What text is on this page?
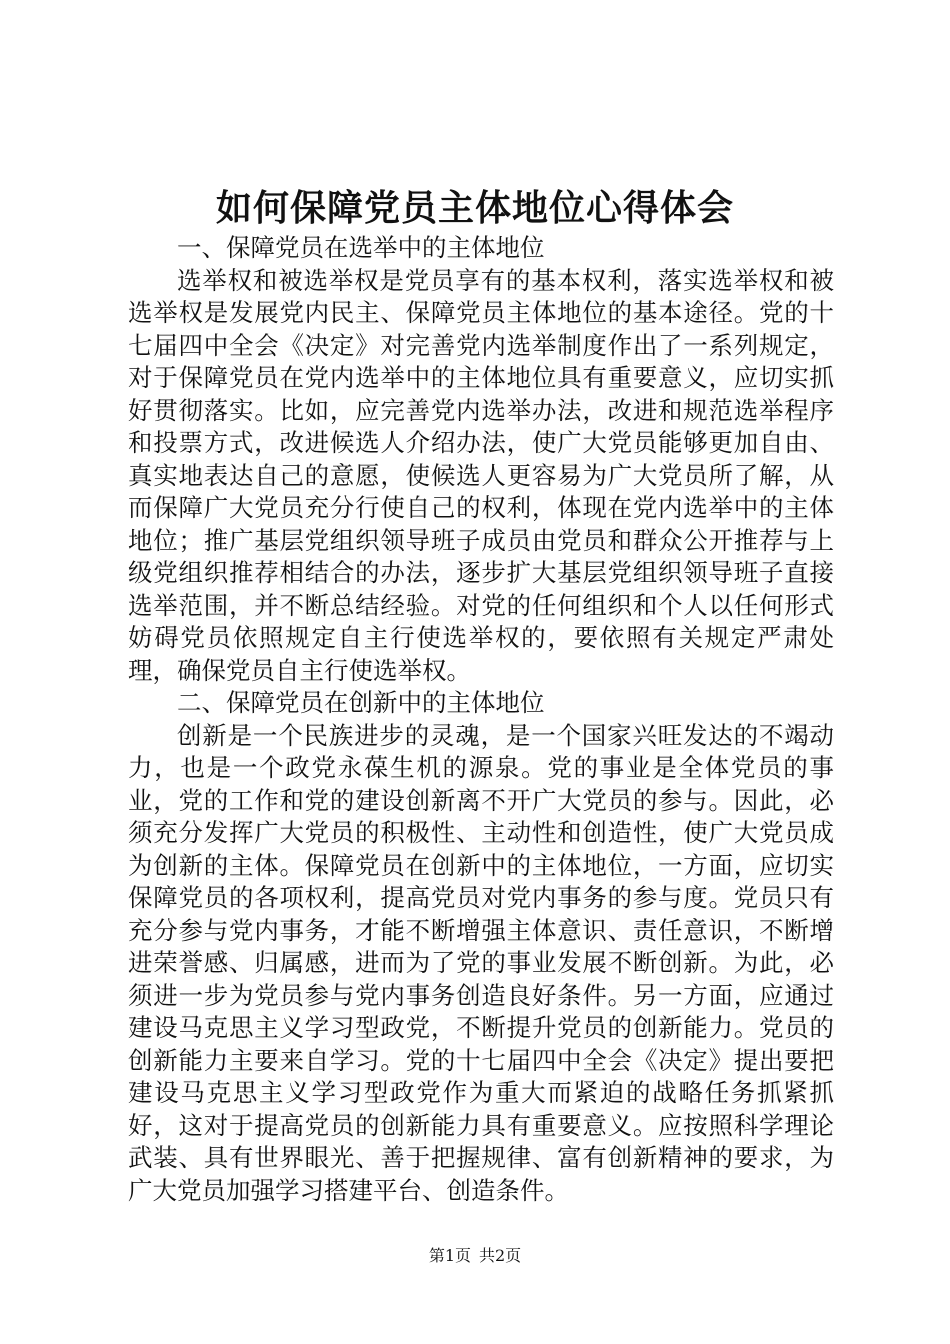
如何保障党员主体地位心得体会

一、保障党员在选举中的主体地位

选举权和被选举权是党员享有的基本权利，落实选举权和被选举权是发展党内民主、保障党员主体地位的基本途径。党的十七届四中全会《决定》对完善党内选举制度作出了一系列规定，对于保障党员在党内选举中的主体地位具有重要意义，应切实抓好贯彻落实。比如，应完善党内选举办法，改进和规范选举程序和投票方式，改进候选人介绍办法，使广大党员能够更加自由、真实地表达自己的意愿，使候选人更容易为广大党员所了解，从而保障广大党员充分行使自己的权利，体现在党内选举中的主体地位；推广基层党组织领导班子成员由党员和群众公开推荐与上级党组织推荐相结合的办法，逐步扩大基层党组织领导班子直接选举范围，并不断总结经验。对党的任何组织和个人以任何形式妨碍党员依照规定自主行使选举权的，要依照有关规定严肃处理，确保党员自主行使选举权。

二、保障党员在创新中的主体地位

创新是一个民族进步的灵魂，是一个国家兴旺发达的不竭动力，也是一个政党永葆生机的源泉。党的事业是全体党员的事业，党的工作和党的建设创新离不开广大党员的参与。因此，必须充分发挥广大党员的积极性、主动性和创造性，使广大党员成为创新的主体。保障党员在创新中的主体地位，一方面，应切实保障党员的各项权利，提高党员对党内事务的参与度。党员只有充分参与党内事务，才能不断增强主体意识、责任意识，不断增进荣誉感、归属感，进而为了党的事业发展不断创新。为此，必须进一步为党员参与党内事务创造良好条件。另一方面，应通过建设马克思主义学习型政党，不断提升党员的创新能力。党员的创新能力主要来自学习。党的十七届四中全会《决定》提出要把建设马克思主义学习型政党作为重大而紧迫的战略任务抓紧抓好，这对于提高党员的创新能力具有重要意义。应按照科学理论武装、具有世界眼光、善于把握规律、富有创新精神的要求，为广大党员加强学习搭建平台、创造条件。

第1页 共2页
